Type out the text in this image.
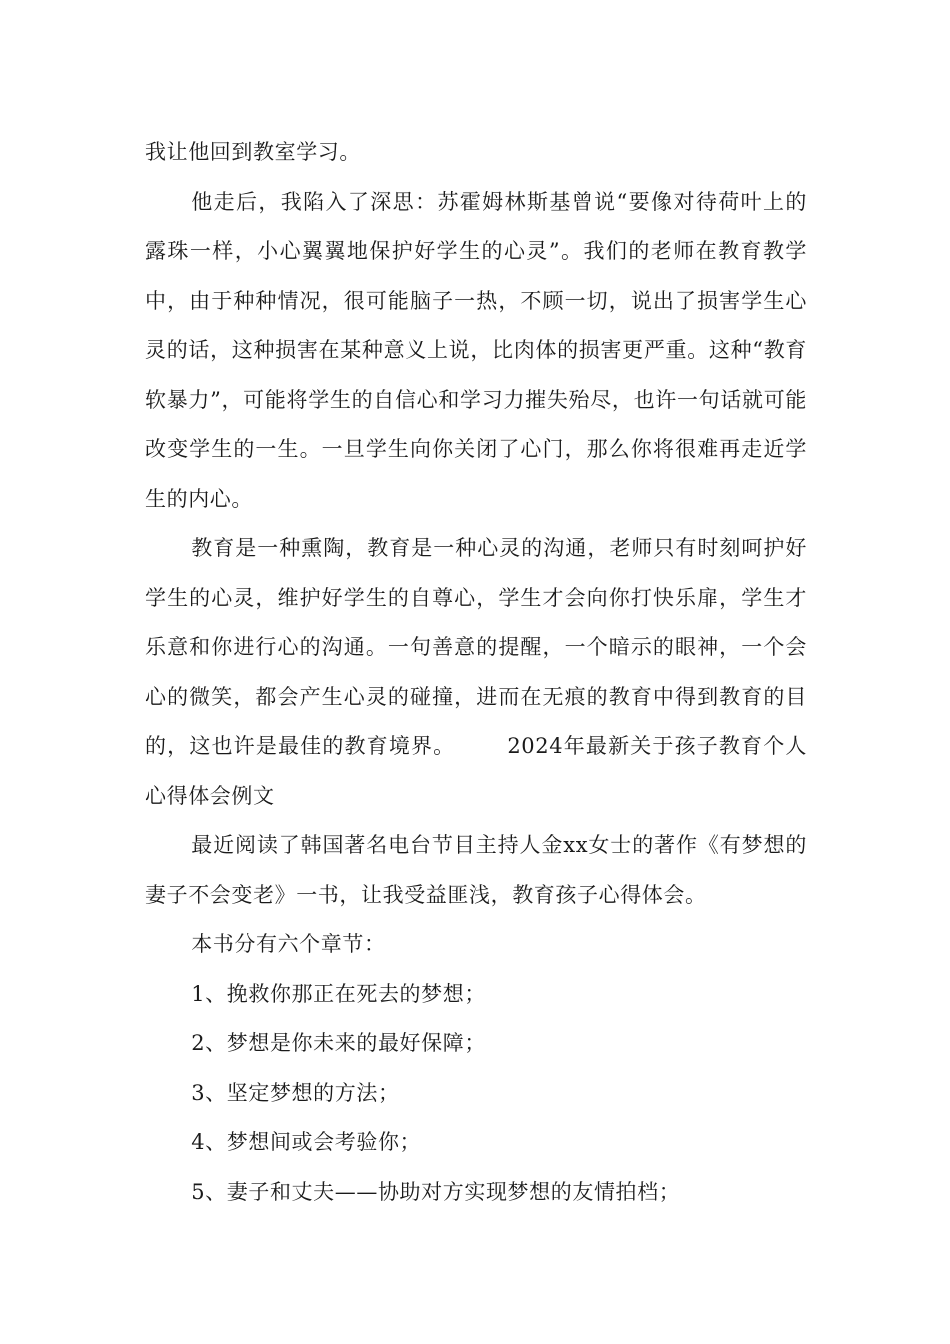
我让他回到教室学习。

他走后，我陷入了深思：苏霍姆林斯基曾说“要像对待荷叶上的露珠一样，小心翼翼地保护好学生的心灵”。我们的老师在教育教学中，由于种种情况，很可能脑子一热，不顾一切，说出了损害学生心灵的话，这种损害在某种意义上说，比肉体的损害更严重。这种“教育软暴力”，可能将学生的自信心和学习力摧失殆尽，也许一句话就可能改变学生的一生。一旦学生向你关闭了心门，那么你将很难再走近学生的内心。

教育是一种熏陶，教育是一种心灵的沟通，老师只有时刻呵护好学生的心灵，维护好学生的自尊心，学生才会向你打快乐扉，学生才乐意和你进行心的沟通。一句善意的提醒，一个暗示的眼神，一个会心的微笑，都会产生心灵的碰撞，进而在无痕的教育中得到教育的目的，这也许是最佳的教育境界。 2024年最新关于孩子教育个人心得体会例文

最近阅读了韩国著名电台节目主持人金xx女士的著作《有梦想的妻子不会变老》一书，让我受益匪浅，教育孩子心得体会。

本书分有六个章节：

1、挽救你那正在死去的梦想；

2、梦想是你未来的最好保障；

3、坚定梦想的方法；

4、梦想间或会考验你；

5、妻子和丈夫——协助对方实现梦想的友情拍档；
